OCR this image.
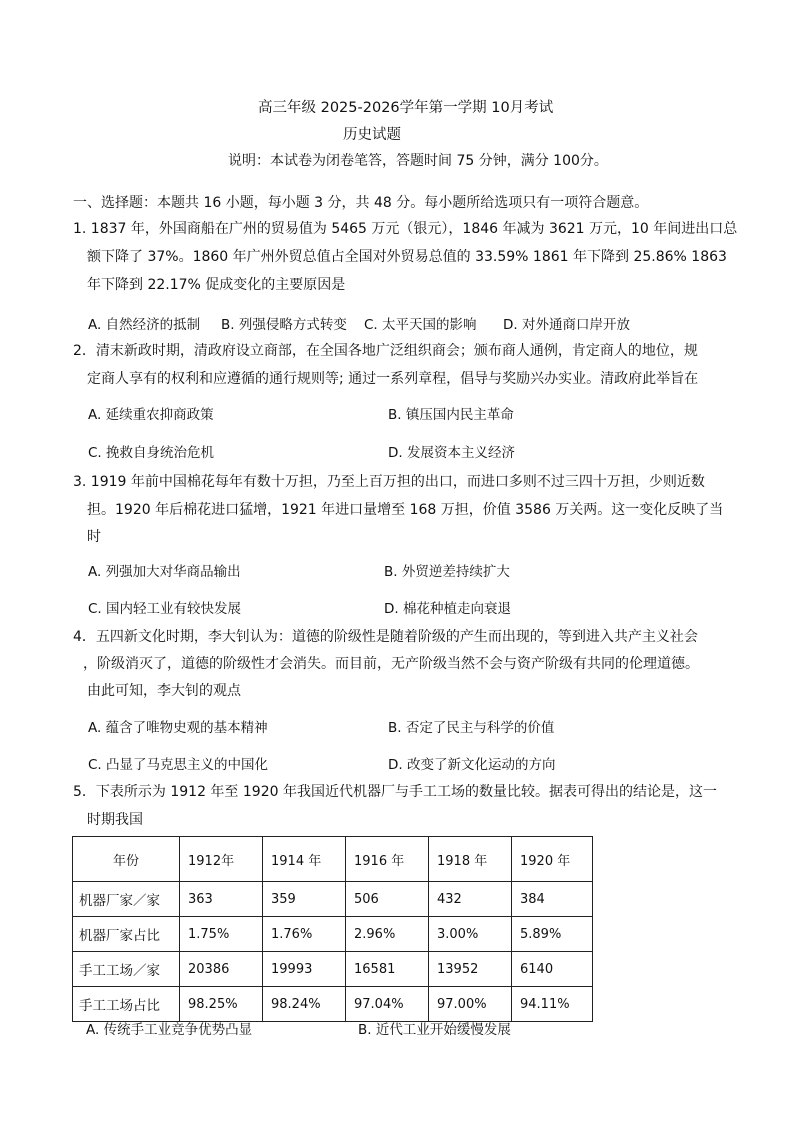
高三年级 2025-2026学年第一学期 10月考试
历史试题
说明：本试卷为闭卷笔答，答题时间 75 分钟，满分 100分。
一、选择题：本题共 16 小题，每小题 3 分，共 48 分。每小题所给选项只有一项符合题意。
1. 1837 年，外国商船在广州的贸易值为 5465 万元（银元），1846 年减为 3621 万元，10 年间进出口总
额下降了 37%。1860 年广州外贸总值占全国对外贸易总值的 33.59% 1861 年下降到 25.86% 1863
年下降到 22.17% 促成变化的主要原因是
A. 自然经济的抵制 B. 列强侵略方式转变 C. 太平天国的影响 D. 对外通商口岸开放
2．清末新政时期，清政府设立商部，在全国各地广泛组织商会；颁布商人通例，肯定商人的地位，规
定商人享有的权利和应遵循的通行规则等; 通过一系列章程，倡导与奖励兴办实业。清政府此举旨在
A. 延续重农抑商政策	B. 镇压国内民主革命
C. 挽救自身统治危机	D. 发展资本主义经济
3. 1919 年前中国棉花每年有数十万担，乃至上百万担的出口，而进口多则不过三四十万担，少则近数
担。1920 年后棉花进口猛增，1921 年进口量增至 168 万担，价值 3586 万关两。这一变化反映了当
时
A. 列强加大对华商品输出	B. 外贸逆差持续扩大
C. 国内轻工业有较快发展	D. 棉花种植走向衰退
4．五四新文化时期，李大钊认为：道德的阶级性是随着阶级的产生而出现的，等到进入共产主义社会
，阶级消灭了，道德的阶级性才会消失。而目前，无产阶级当然不会与资产阶级有共同的伦理道德。
由此可知，李大钊的观点
A. 蕴含了唯物史观的基本精神	B. 否定了民主与科学的价值
C. 凸显了马克思主义的中国化	D. 改变了新文化运动的方向
5．下表所示为 1912 年至 1920 年我国近代机器厂与手工工场的数量比较。据表可得出的结论是，这一
时期我国
年份	1912年	1914 年	1916 年	1918 年	1920 年
机器厂家／家	363	359	506	432	384
机器厂家占比	1.75%	1.76%	2.96%	3.00%	5.89%
手工工场／家	20386	19993	16581	13952	6140
手工工场占比	98.25%	98.24%	97.04%	97.00%	94.11%
A. 传统手工业竞争优势凸显	B. 近代工业开始缓慢发展
